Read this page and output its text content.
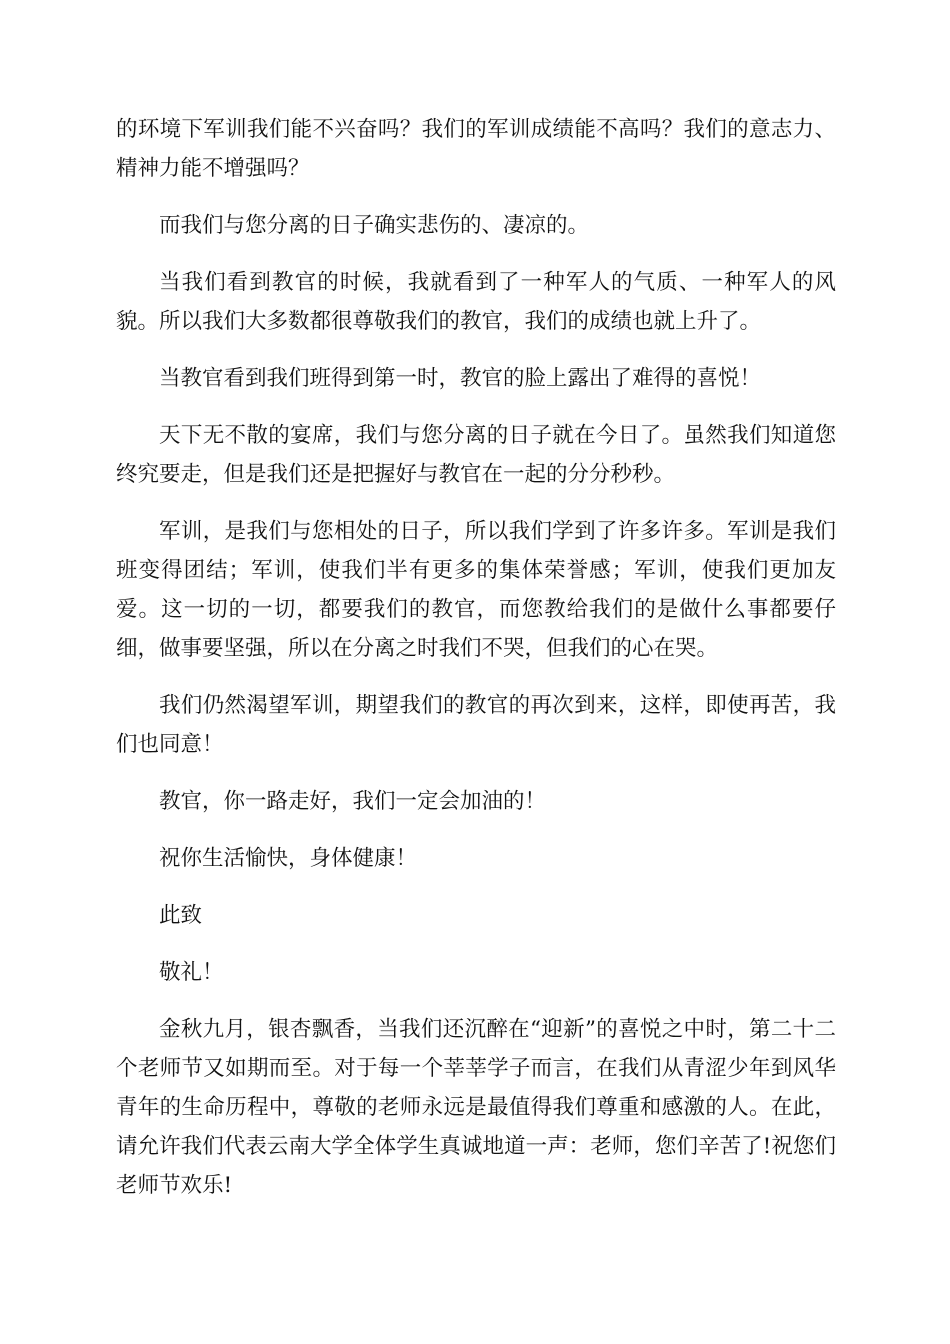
的环境下军训我们能不兴奋吗？我们的军训成绩能不高吗？我们的意志力、精神力能不增强吗？

而我们与您分离的日子确实悲伤的、凄凉的。

当我们看到教官的时候，我就看到了一种军人的气质、一种军人的风貌。所以我们大多数都很尊敬我们的教官，我们的成绩也就上升了。

当教官看到我们班得到第一时，教官的脸上露出了难得的喜悦！

天下无不散的宴席，我们与您分离的日子就在今日了。虽然我们知道您终究要走，但是我们还是把握好与教官在一起的分分秒秒。

军训，是我们与您相处的日子，所以我们学到了许多许多。军训是我们班变得团结；军训，使我们半有更多的集体荣誉感；军训，使我们更加友爱。这一切的一切，都要我们的教官，而您教给我们的是做什么事都要仔细，做事要坚强，所以在分离之时我们不哭，但我们的心在哭。

我们仍然渴望军训，期望我们的教官的再次到来，这样，即使再苦，我们也同意！

教官，你一路走好，我们一定会加油的！

祝你生活愉快，身体健康！

此致

敬礼！

金秋九月，银杏飘香，当我们还沉醉在“迎新”的喜悦之中时，第二十二个老师节又如期而至。对于每一个莘莘学子而言，在我们从青涩少年到风华青年的生命历程中，尊敬的老师永远是最值得我们尊重和感激的人。在此，请允许我们代表云南大学全体学生真诚地道一声：老师，您们辛苦了!祝您们老师节欢乐!
